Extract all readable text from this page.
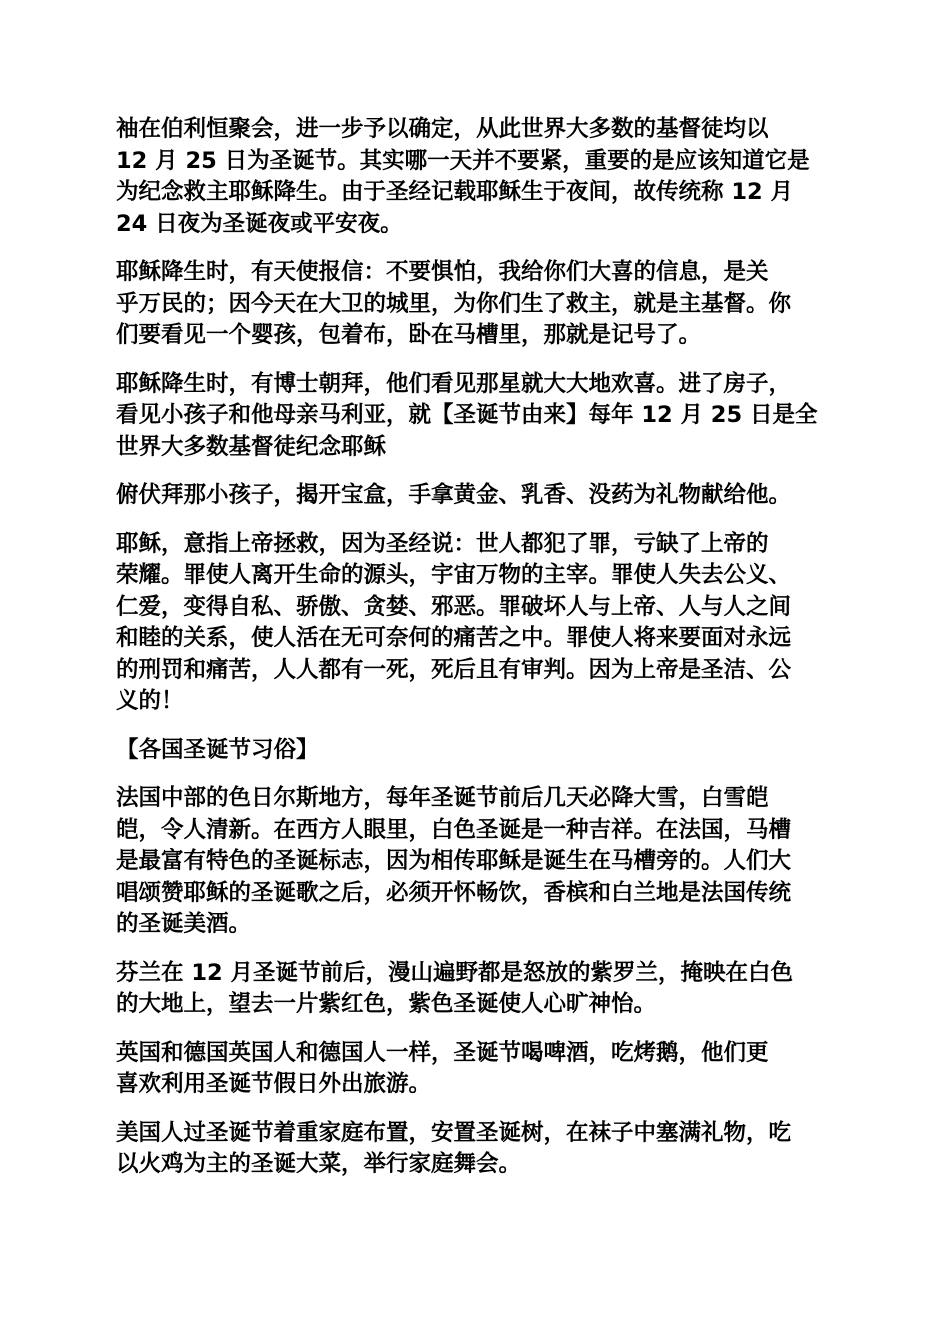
袖在伯利恒聚会，进一步予以确定，从此世界大多数的基督徒均以
12 月 25 日为圣诞节。其实哪一天并不要紧，重要的是应该知道它是
为纪念救主耶稣降生。由于圣经记载耶稣生于夜间，故传统称 12 月
24 日夜为圣诞夜或平安夜。

耶稣降生时，有天使报信：不要惧怕，我给你们大喜的信息，是关
乎万民的；因今天在大卫的城里，为你们生了救主，就是主基督。你
们要看见一个婴孩，包着布，卧在马槽里，那就是记号了。

耶稣降生时，有博士朝拜，他们看见那星就大大地欢喜。进了房子，
看见小孩子和他母亲马利亚，就【圣诞节由来】每年 12 月 25 日是全
世界大多数基督徒纪念耶稣

俯伏拜那小孩子，揭开宝盒，手拿黄金、乳香、没药为礼物献给他。

耶稣，意指上帝拯救，因为圣经说：世人都犯了罪，亏缺了上帝的
荣耀。罪使人离开生命的源头，宇宙万物的主宰。罪使人失去公义、
仁爱，变得自私、骄傲、贪婪、邪恶。罪破坏人与上帝、人与人之间
和睦的关系，使人活在无可奈何的痛苦之中。罪使人将来要面对永远
的刑罚和痛苦，人人都有一死，死后且有审判。因为上帝是圣洁、公
义的！

【各国圣诞节习俗】

法国中部的色日尔斯地方，每年圣诞节前后几天必降大雪，白雪皑
皑，令人清新。在西方人眼里，白色圣诞是一种吉祥。在法国，马槽
是最富有特色的圣诞标志，因为相传耶稣是诞生在马槽旁的。人们大
唱颂赞耶稣的圣诞歌之后，必须开怀畅饮，香槟和白兰地是法国传统
的圣诞美酒。

芬兰在 12 月圣诞节前后，漫山遍野都是怒放的紫罗兰，掩映在白色
的大地上，望去一片紫红色，紫色圣诞使人心旷神怡。

英国和德国英国人和德国人一样，圣诞节喝啤酒，吃烤鹅，他们更
喜欢利用圣诞节假日外出旅游。

美国人过圣诞节着重家庭布置，安置圣诞树，在袜子中塞满礼物，吃
以火鸡为主的圣诞大菜，举行家庭舞会。
